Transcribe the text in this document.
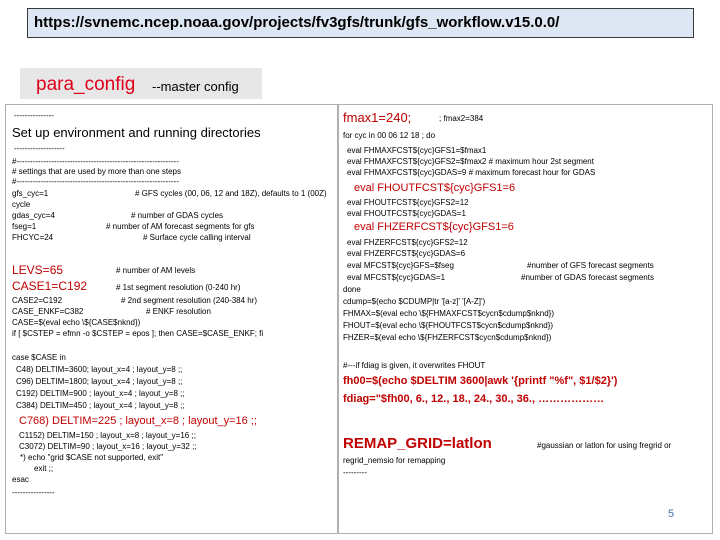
https://svnemc.ncep.noaa.gov/projects/fv3gfs/trunk/gfs_workflow.v15.0.0/
para_config --master config
---------------
Set up environment and running directories
-------------------
#-------------------------------------------------------------
# settings that are used by more than one steps
#-------------------------------------------------------------
gfs_cyc=1	# GFS cycles (00, 06, 12 and 18Z), defaults to 1 (00Z)
cycle
gdas_cyc=4	# number of GDAS cycles
fseg=1	# number of AM forecast segments for gfs
FHCYC=24	# Surface cycle calling interval
LEVS=65	# number of AM levels
CASE1=C192	# 1st segment resolution (0-240 hr)
CASE2=C192	# 2nd segment resolution (240-384 hr)
CASE_ENKF=C382	# ENKF resolution
CASE=$(eval echo \${CASE$nknd})
if [ $CSTEP = efmn -o $CSTEP = epos ]; then CASE=$CASE_ENKF; fi
case $CASE in
C48) DELTIM=3600; layout_x=4 ; layout_y=8 ;;
C96) DELTIM=1800; layout_x=4 ; layout_y=8 ;;
C192) DELTIM=900 ; layout_x=4 ; layout_y=8 ;;
C384) DELTIM=450 ; layout_x=4 ; layout_y=8 ;;
C768) DELTIM=225 ; layout_x=8 ; layout_y=16 ;;
C1152) DELTIM=150 ; layout_x=8 ; layout_y=16 ;;
C3072) DELTIM=90 ; layout_x=16 ; layout_y=32 ;;
*) echo "grid $CASE not supported, exit"
exit ;;
esac
----------------
fmax1=240;	; fmax2=384
for cyc in 00 06 12 18 ; do
eval FHMAXFCST${cyc}GFS1=$fmax1
eval FHMAXFCST${cyc}GFS2=$fmax2 # maximum hour 2st segment
eval FHMAXFCST${cyc}GDAS=9 # maximum forecast hour for GDAS
eval FHOUTFCST${cyc}GFS1=6
eval FHOUTFCST${cyc}GFS2=12
eval FHOUTFCST${cyc}GDAS=1
eval FHZERFCST${cyc}GFS1=6
eval FHZERFCST${cyc}GFS2=12
eval FHZERFCST${cyc}GDAS=6
eval MFCST${cyc}GFS=$fseg	#number of GFS forecast segments
eval MFCST${cyc}GDAS=1	#number of GDAS forecast segments
done
cdump=$(echo $CDUMP|tr '[a-z]' '[A-Z]')
FHMAX=$(eval echo \${FHMAXFCST$cycn$cdump$nknd})
FHOUT=$(eval echo \${FHOUTFCST$cycn$cdump$nknd})
FHZER=$(eval echo \${FHZERFCST$cycn$cdump$nknd})
#---if fdiag is given, it overwrites FHOUT
fh00=$(echo $DELTIM 3600|awk '{printf "%f", $1/$2}')
fdiag="$fh00, 6., 12., 18., 24., 30., 36., ………………
REMAP_GRID=latlon	#gaussian or latlon for using fregrid or
regrid_nemsio for remapping
---------
5
